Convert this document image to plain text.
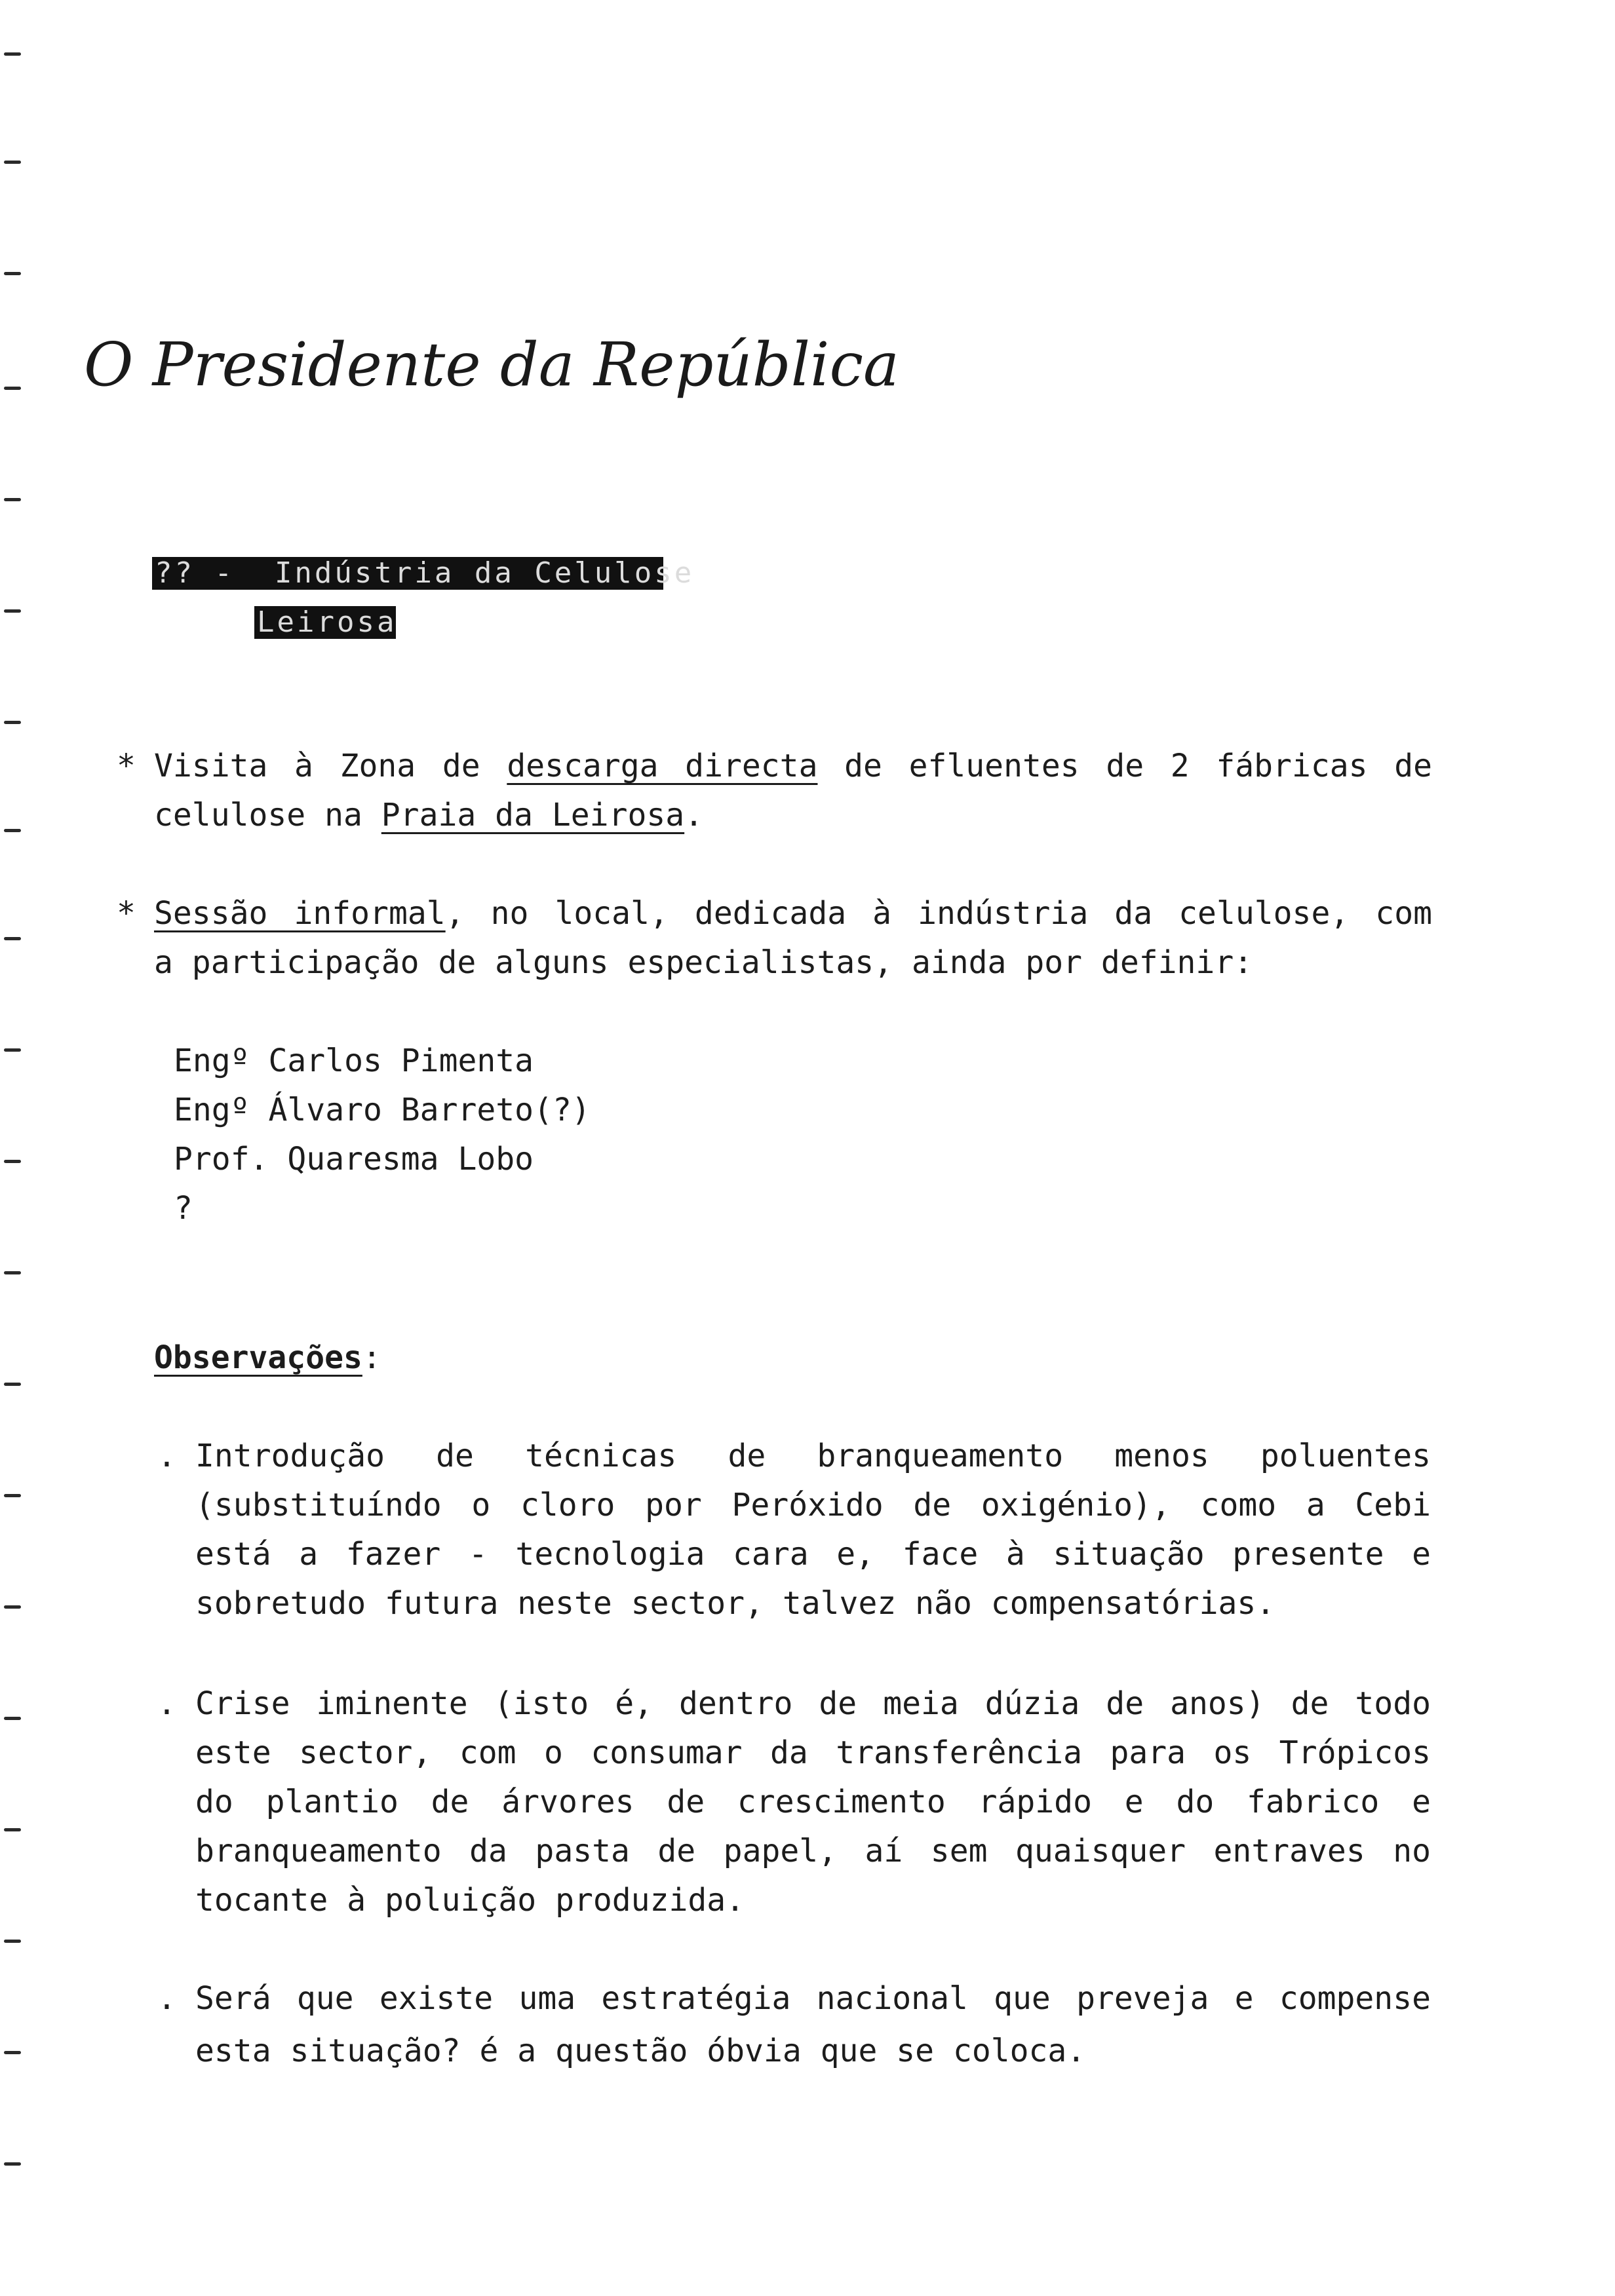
O Presidente da República
?? -  Indústria da Celulose
Leirosa
* Visita à Zona de descarga directa de efluentes de 2 fábricas de
celulose na Praia da Leirosa.
* Sessão informal, no local, dedicada à indústria da celulose, com
a participação de alguns especialistas, ainda por definir:
Engº Carlos Pimenta
Engº Álvaro Barreto(?)
Prof. Quaresma Lobo
?
Observações:
. Introdução de técnicas de branqueamento menos poluentes
(substituíndo o cloro por Peróxido de oxigénio), como a Cebi
está a fazer - tecnologia cara e, face à situação presente e
sobretudo futura neste sector, talvez não compensatórias.
. Crise iminente (isto é, dentro de meia dúzia de anos) de todo
este sector, com o consumar da transferência para os Trópicos
do plantio de árvores de crescimento rápido e do fabrico e
branqueamento da pasta de papel, aí sem quaisquer entraves no
tocante à poluição produzida.
. Será que existe uma estratégia nacional que preveja e compense
esta situação? é a questão óbvia que se coloca.
